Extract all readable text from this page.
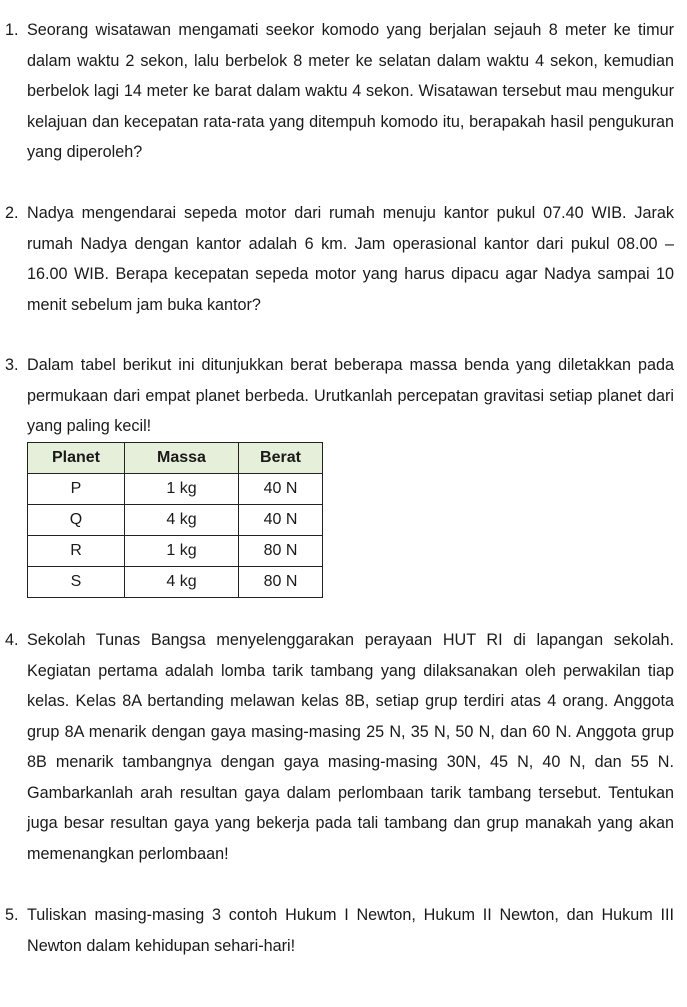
1. Seorang wisatawan mengamati seekor komodo yang berjalan sejauh 8 meter ke timur dalam waktu 2 sekon, lalu berbelok 8 meter ke selatan dalam waktu 4 sekon, kemudian berbelok lagi 14 meter ke barat dalam waktu 4 sekon. Wisatawan tersebut mau mengukur kelajuan dan kecepatan rata-rata yang ditempuh komodo itu, berapakah hasil pengukuran yang diperoleh?
2. Nadya mengendarai sepeda motor dari rumah menuju kantor pukul 07.40 WIB. Jarak rumah Nadya dengan kantor adalah 6 km. Jam operasional kantor dari pukul 08.00 – 16.00 WIB. Berapa kecepatan sepeda motor yang harus dipacu agar Nadya sampai 10 menit sebelum jam buka kantor?
3. Dalam tabel berikut ini ditunjukkan berat beberapa massa benda yang diletakkan pada permukaan dari empat planet berbeda. Urutkanlah percepatan gravitasi setiap planet dari yang paling kecil!
Planet	Massa	Berat
P	1 kg	40 N
Q	4 kg	40 N
R	1 kg	80 N
S	4 kg	80 N
4. Sekolah Tunas Bangsa menyelenggarakan perayaan HUT RI di lapangan sekolah. Kegiatan pertama adalah lomba tarik tambang yang dilaksanakan oleh perwakilan tiap kelas. Kelas 8A bertanding melawan kelas 8B, setiap grup terdiri atas 4 orang. Anggota grup 8A menarik dengan gaya masing-masing 25 N, 35 N, 50 N, dan 60 N. Anggota grup 8B menarik tambangnya dengan gaya masing-masing 30N, 45 N, 40 N, dan 55 N. Gambarkanlah arah resultan gaya dalam perlombaan tarik tambang tersebut. Tentukan juga besar resultan gaya yang bekerja pada tali tambang dan grup manakah yang akan memenangkan perlombaan!
5. Tuliskan masing-masing 3 contoh Hukum I Newton, Hukum II Newton, dan Hukum III Newton dalam kehidupan sehari-hari!
